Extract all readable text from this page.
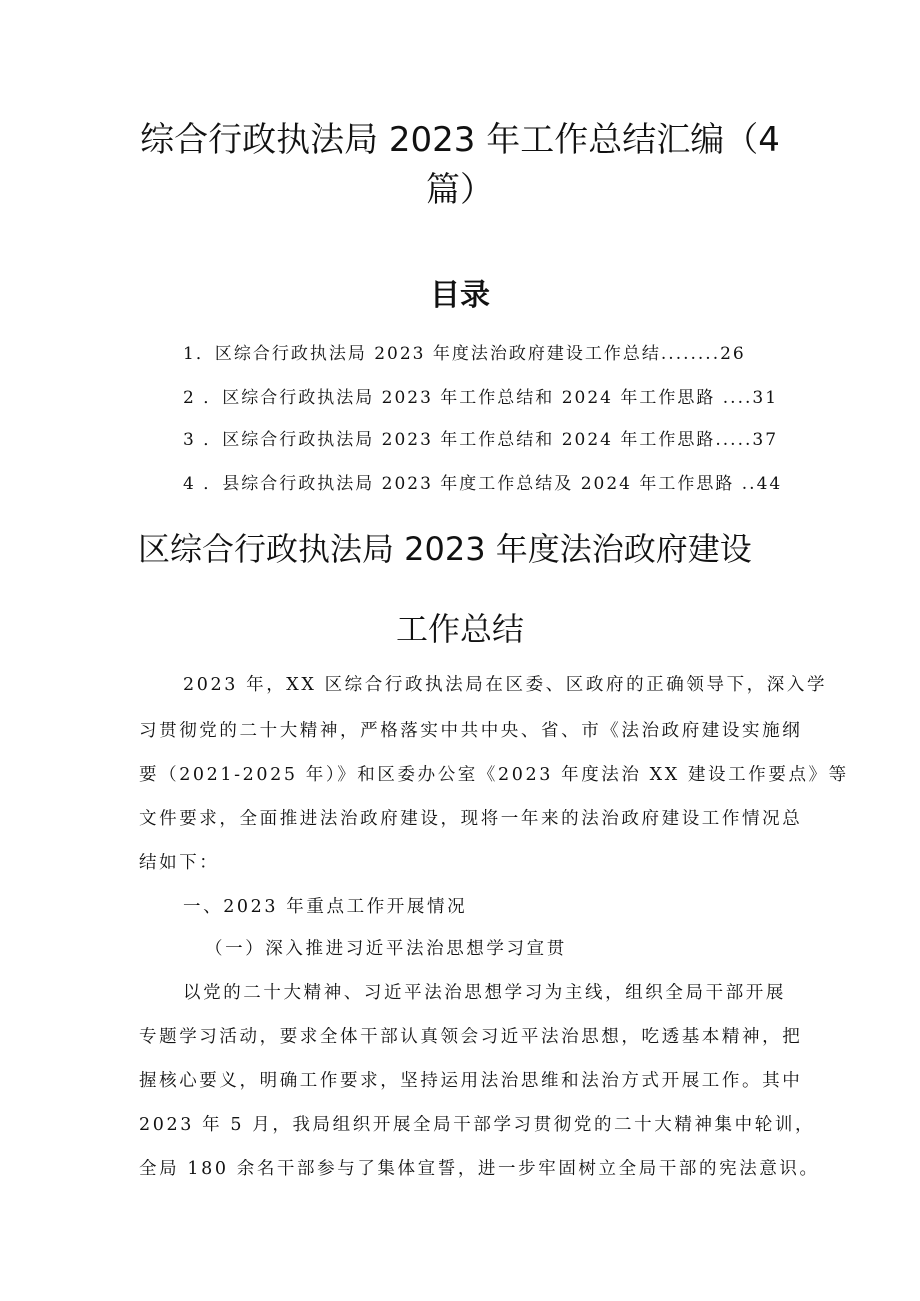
综合行政执法局 2023 年工作总结汇编（4
篇）
目录
1．区综合行政执法局 2023 年度法治政府建设工作总结........26
2 ．区综合行政执法局 2023 年工作总结和 2024 年工作思路 ....31
3 ．区综合行政执法局 2023 年工作总结和 2024 年工作思路.....37
4 ．县综合行政执法局 2023 年度工作总结及 2024 年工作思路 ..44
区综合行政执法局 2023 年度法治政府建设
工作总结
2023 年，XX 区综合行政执法局在区委、区政府的正确领导下，深入学
习贯彻党的二十大精神，严格落实中共中央、省、市《法治政府建设实施纲
要（2021-2025 年）》和区委办公室《2023 年度法治 XX 建设工作要点》等
文件要求，全面推进法治政府建设，现将一年来的法治政府建设工作情况总
结如下：
一、2023 年重点工作开展情况
（一）深入推进习近平法治思想学习宣贯
以党的二十大精神、习近平法治思想学习为主线，组织全局干部开展
专题学习活动，要求全体干部认真领会习近平法治思想，吃透基本精神，把
握核心要义，明确工作要求，坚持运用法治思维和法治方式开展工作。其中
2023 年 5 月，我局组织开展全局干部学习贯彻党的二十大精神集中轮训，
全局 180 余名干部参与了集体宣誓，进一步牢固树立全局干部的宪法意识。
